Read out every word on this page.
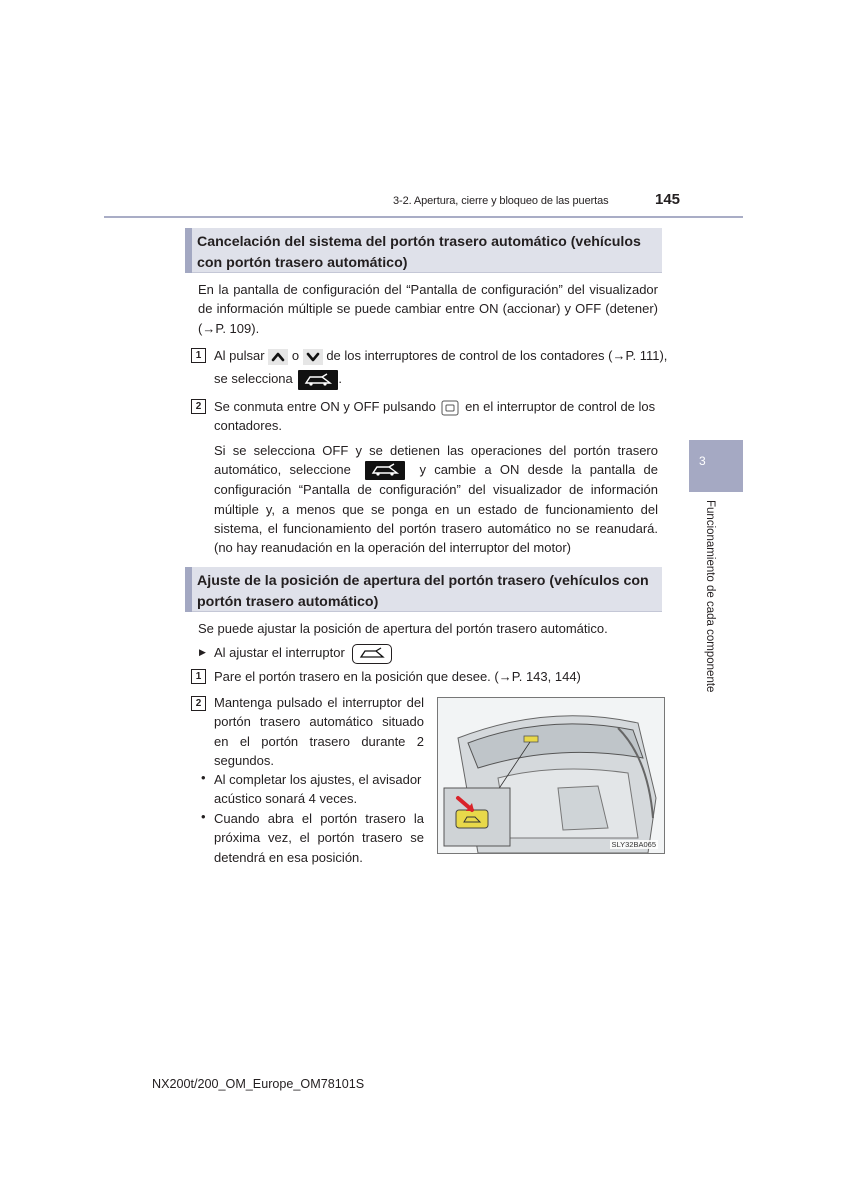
3-2. Apertura, cierre y bloqueo de las puertas	145
3
Funcionamiento de cada componente

Cancelación del sistema del portón trasero automático (vehículos con portón trasero automático)

En la pantalla de configuración del “Pantalla de configuración” del visualizador de información múltiple se puede cambiar entre ON (accionar) y OFF (detener) (→P. 109).
1 Al pulsar o de los interruptores de control de los contadores (→P. 111),
se selecciona	.
2 Se conmuta entre ON y OFF pulsando en el interruptor de control de los contadores.
Si se selecciona OFF y se detienen las operaciones del portón trasero automático, seleccione	y cambie a ON desde la pantalla de configuración “Pantalla de configuración” del visualizador de información múltiple y, a menos que se ponga en un estado de funcionamiento del sistema, el funcionamiento del portón trasero automático no se reanudará. (no hay reanudación en la operación del interruptor del motor)

Ajuste de la posición de apertura del portón trasero (vehículos con portón trasero automático)

Se puede ajustar la posición de apertura del portón trasero automático.
▶ Al ajustar el interruptor
1 Pare el portón trasero en la posición que desee. (→P. 143, 144)
2 Mantenga pulsado el interruptor del portón trasero automático situado en el portón trasero durante 2 segundos.
• Al completar los ajustes, el avisador acústico sonará 4 veces.
• Cuando abra el portón trasero la próxima vez, el portón trasero se detendrá en esa posición.
SLY32BA065
NX200t/200_OM_Europe_OM78101S
